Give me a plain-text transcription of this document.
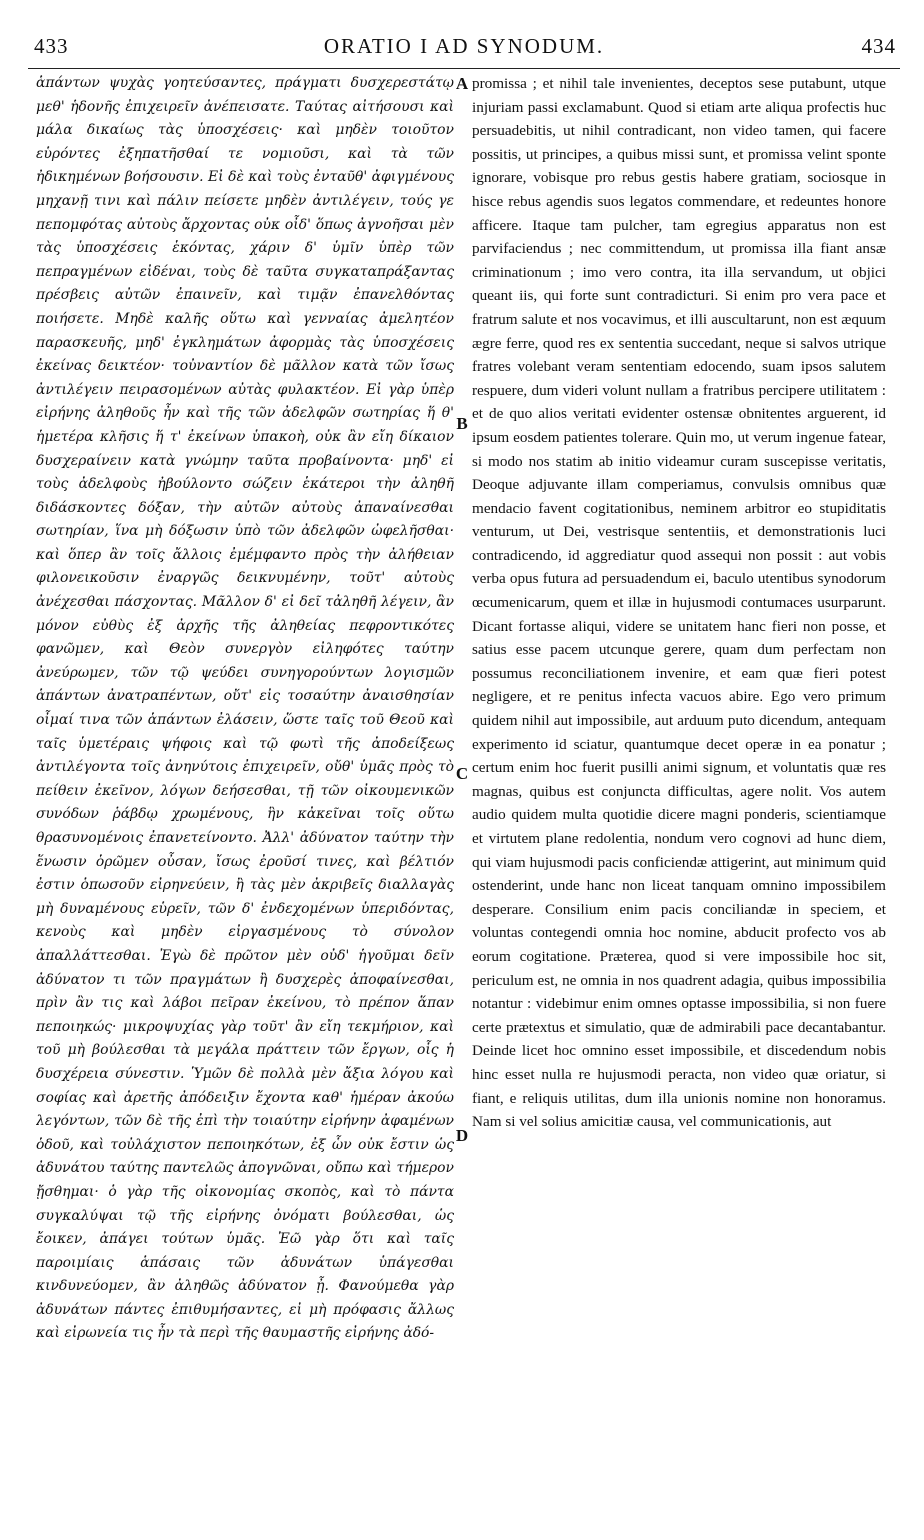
433	ORATIO I AD SYNODUM.	434

ἁπάντων ψυχὰς γοητεύσαντες, πράγματι δυσχερεστάτῳ μεθ' ἡδονῆς ἐπιχειρεῖν ἀνέπεισατε. Ταύτας αἰτήσουσι καὶ μάλα δικαίως τὰς ὑποσχέσεις· καὶ μηδὲν τοιοῦτον εὑρόντες ἐξηπατῆσθαί τε νομιοῦσι, καὶ τὰ τῶν ἠδικημένων βοήσουσιν. Εἰ δὲ καὶ τοὺς ἐνταῦθ' ἀφιγμένους μηχανῇ τινι καὶ πάλιν πείσετε μηδὲν ἀντιλέγειν, τούς γε πεπομφότας αὐτοὺς ἄρχοντας οὐκ οἶδ' ὅπως ἀγνοῆσαι μὲν τὰς ὑποσχέσεις ἑκόντας, χάριν δ' ὑμῖν ὑπὲρ τῶν πεπραγμένων εἰδέναι, τοὺς δὲ ταῦτα συγκαταπράξαντας πρέσβεις αὐτῶν ἐπαινεῖν, καὶ τιμᾷν ἐπανελθόντας ποιήσετε. Μηδὲ καλῆς οὕτω καὶ γενναίας ἀμελητέον παρασκευῆς, μηδ' ἐγκλημάτων ἀφορμὰς τὰς ὑποσχέσεις ἐκείνας δεικτέον· τοὐναντίον δὲ μᾶλλον κατὰ τῶν ἴσως ἀντιλέγειν πειρασομένων αὐτὰς φυλακτέον. Εἰ γὰρ ὑπὲρ εἰρήνης ἀληθοῦς ἦν καὶ τῆς τῶν ἀδελφῶν σωτηρίας ἥ θ' ἡμετέρα κλῆσις ἥ τ' ἐκείνων ὑπακοὴ, οὐκ ἂν εἴη δίκαιον δυσχεραίνειν κατὰ γνώμην ταῦτα προβαίνοντα· μηδ' εἰ τοὺς ἀδελφοὺς ἠβούλοντο σώζειν ἑκάτεροι τὴν ἀληθῆ διδάσκοντες δόξαν, τὴν αὐτῶν αὐτοὺς ἀπαναίνεσθαι σωτηρίαν, ἵνα μὴ δόξωσιν ὑπὸ τῶν ἀδελφῶν ὠφελῆσθαι· καὶ ὅπερ ἂν τοῖς ἄλλοις ἐμέμφαντο πρὸς τὴν ἀλήθειαν φιλονεικοῦσιν ἐναργῶς δεικνυμένην, τοῦτ' αὐτοὺς ἀνέχεσθαι πάσχοντας. Μᾶλλον δ' εἰ δεῖ τἀληθῆ λέγειν, ἂν μόνον εὐθὺς ἐξ ἀρχῆς τῆς ἀληθείας πεφροντικότες φανῶμεν, καὶ Θεὸν συνεργὸν εἰληφότες ταύτην ἀνεύρωμεν, τῶν τῷ ψεύδει συνηγορούντων λογισμῶν ἁπάντων ἀνατραπέντων, οὔτ' εἰς τοσαύτην ἀναισθησίαν οἶμαί τινα τῶν ἁπάντων ἐλάσειν, ὥστε ταῖς τοῦ Θεοῦ καὶ ταῖς ὑμετέραις ψήφοις καὶ τῷ φωτὶ τῆς ἀποδείξεως ἀντιλέγοντα τοῖς ἀνηνύτοις ἐπιχειρεῖν, οὔθ' ὑμᾶς πρὸς τὸ πείθειν ἐκεῖνον, λόγων δεήσεσθαι, τῇ τῶν οἰκουμενικῶν συνόδων ῥάβδῳ χρωμένους, ἣν κἀκεῖναι τοῖς οὕτω θρασυνομένοις ἐπανετείνοντο. Ἀλλ' ἀδύνατον ταύτην τὴν ἕνωσιν ὁρῶμεν οὖσαν, ἴσως ἐροῦσί τινες, καὶ βέλτιόν ἐστιν ὁπωσοῦν εἰρηνεύειν, ἢ τὰς μὲν ἀκριβεῖς διαλλαγὰς μὴ δυναμένους εὑρεῖν, τῶν δ' ἐνδεχομένων ὑπεριδόντας, κενοὺς καὶ μηδὲν εἰργασμένους τὸ σύνολον ἀπαλλάττεσθαι. Ἐγὼ δὲ πρῶτον μὲν οὐδ' ἡγοῦμαι δεῖν ἀδύνατον τι τῶν πραγμάτων ἢ δυσχερὲς ἀποφαίνεσθαι, πρὶν ἂν τις καὶ λάβοι πεῖραν ἐκείνου, τὸ πρέπον ἅπαν πεποιηκώς· μικροψυχίας γὰρ τοῦτ' ἂν εἴη τεκμήριον, καὶ τοῦ μὴ βούλεσθαι τὰ μεγάλα πράττειν τῶν ἔργων, οἷς ἡ δυσχέρεια σύνεστιν. Ὑμῶν δὲ πολλὰ μὲν ἄξια λόγου καὶ σοφίας καὶ ἀρετῆς ἀπόδειξιν ἔχοντα καθ' ἡμέραν ἀκούω λεγόντων, τῶν δὲ τῆς ἐπὶ τὴν τοιαύτην εἰρήνην ἀφαμένων ὁδοῦ, καὶ τοὐλάχιστον πεποιηκότων, ἐξ ὧν οὐκ ἔστιν ὡς ἀδυνάτου ταύτης παντελῶς ἀπογνῶναι, οὔπω καὶ τήμερον ᾔσθημαι· ὁ γὰρ τῆς οἰκονομίας σκοπὸς, καὶ τὸ πάντα συγκαλύψαι τῷ τῆς εἰρήνης ὀνόματι βούλεσθαι, ὡς ἔοικεν, ἀπάγει τούτων ὑμᾶς. Ἐῶ γὰρ ὅτι καὶ ταῖς παροιμίαις ἁπάσαις τῶν ἀδυνάτων ὑπάγεσθαι κινδυνεύομεν, ἂν ἀληθῶς ἀδύνατον ᾖ. Φανούμεθα γὰρ ἀδυνάτων πάντες ἐπιθυμήσαντες, εἰ μὴ πρόφασις ἄλλως καὶ εἰρωνεία τις ἦν τὰ περὶ τῆς θαυμαστῆς εἰρήνης ἀδό-

A
B
C
D

promissa ; et nihil tale invenientes, deceptos sese putabunt, utque injuriam passi exclamabunt. Quod si etiam arte aliqua profectis huc persuadebitis, ut nihil contradicant, non video tamen, qui facere possitis, ut principes, a quibus missi sunt, et promissa velint sponte ignorare, vobisque pro rebus gestis habere gratiam, sociosque in hisce rebus agendis suos legatos commendare, et redeuntes honore afficere. Itaque tam pulcher, tam egregius apparatus non est parvifaciendus ; nec committendum, ut promissa illa fiant ansæ criminationum ; imo vero contra, ita illa servandum, ut objici queant iis, qui forte sunt contradicturi. Si enim pro vera pace et fratrum salute et nos vocavimus, et illi auscultarunt, non est æquum ægre ferre, quod res ex sententia succedant, neque si salvos utrique fratres volebant veram sententiam edocendo, suam ipsos salutem respuere, dum videri volunt nullam a fratribus percipere utilitatem : et de quo alios veritati evidenter ostensæ obnitentes arguerent, id ipsum eosdem patientes tolerare. Quin mo, ut verum ingenue fatear, si modo nos statim ab initio videamur curam suscepisse veritatis, Deoque adjuvante illam comperiamus, convulsis omnibus quæ mendacio favent cogitationibus, neminem arbitror eo stupiditatis venturum, ut Dei, vestrisque sententiis, et demonstrationis luci contradicendo, id aggrediatur quod assequi non possit : aut vobis verba opus futura ad persuadendum ei, baculo utentibus synodorum œcumenicarum, quem et illæ in hujusmodi contumaces usurparunt. Dicant fortasse aliqui, videre se unitatem hanc fieri non posse, et satius esse pacem utcunque gerere, quam dum perfectam non possumus reconciliationem invenire, et eam quæ fieri potest negligere, et re penitus infecta vacuos abire. Ego vero primum quidem nihil aut impossibile, aut arduum puto dicendum, antequam experimento id sciatur, quantumque decet operæ in ea ponatur ; certum enim hoc fuerit pusilli animi signum, et voluntatis quæ res magnas, quibus est conjuncta difficultas, agere nolit. Vos autem audio quidem multa quotidie dicere magni ponderis, scientiamque et virtutem plane redolentia, nondum vero cognovi ad hunc diem, qui viam hujusmodi pacis conficiendæ attigerint, aut minimum quid ostenderint, unde hanc non liceat tanquam omnino impossibilem desperare. Consilium enim pacis conciliandæ in speciem, et voluntas contegendi omnia hoc nomine, abducit profecto vos ab eorum cogitatione. Præterea, quod si vere impossibile hoc sit, periculum est, ne omnia in nos quadrent adagia, quibus impossibilia notantur : videbimur enim omnes optasse impossibilia, si non fuere certe prætextus et simulatio, quæ de admirabili pace decantabantur. Deinde licet hoc omnino esset impossibile, et discedendum nobis hinc esset nulla re hujusmodi peracta, non video quæ oriatur, si fiant, e reliquis utilitas, dum illa unionis nomine non honoramus. Nam si vel solius amicitiæ causa, vel communicationis, aut
